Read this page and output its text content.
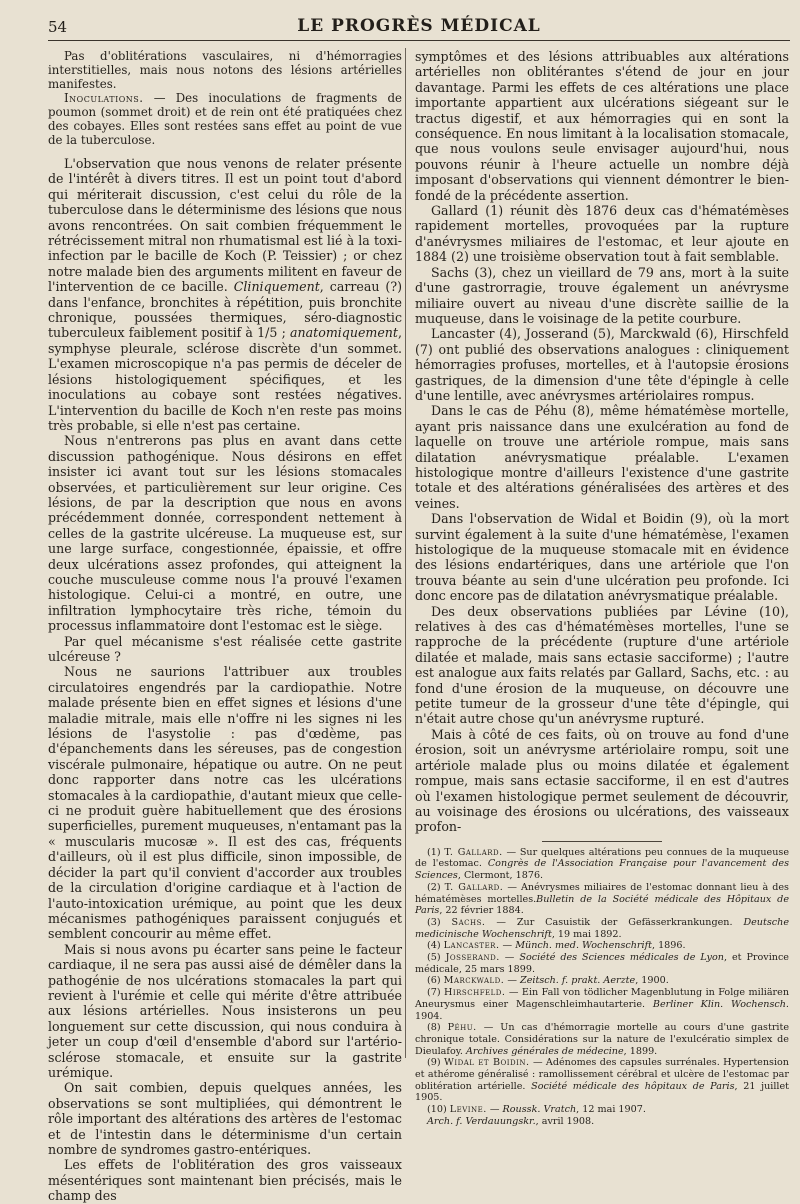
54	LE PROGRÈS MÉDICAL

Pas d'oblitérations vasculaires, ni d'hémorragies interstitielles, mais nous notons des lésions artérielles manifestes.

Inoculations. — Des inoculations de fragments de poumon (sommet droit) et de rein ont été pratiquées chez des cobayes. Elles sont restées sans effet au point de vue de la tuberculose.

L'observation que nous venons de relater présente de l'intérêt à divers titres. Il est un point tout d'abord qui mériterait discussion, c'est celui du rôle de la tuberculose dans le déterminisme des lésions que nous avons rencontrées. On sait combien fréquemment le rétrécissement mitral non rhumatismal est lié à la toxi-infection par le bacille de Koch (P. Teissier) ; or chez notre malade bien des arguments militent en faveur de l'intervention de ce bacille. Cliniquement, carreau (?) dans l'enfance, bronchites à répétition, puis bronchite chronique, poussées thermiques, séro-diagnostic tuberculeux faiblement positif à 1/5 ; anatomiquement, symphyse pleurale, sclérose discrète d'un sommet. L'examen microscopique n'a pas permis de déceler de lésions histologiquement spécifiques, et les inoculations au cobaye sont restées négatives. L'intervention du bacille de Koch n'en reste pas moins très probable, si elle n'est pas certaine.

Nous n'entrerons pas plus en avant dans cette discussion pathogénique. Nous désirons en effet insister ici avant tout sur les lésions stomacales observées, et particulièrement sur leur origine. Ces lésions, de par la description que nous en avons précédemment donnée, correspondent nettement à celles de la gastrite ulcéreuse. La muqueuse est, sur une large surface, congestionnée, épaissie, et offre deux ulcérations assez profondes, qui atteignent la couche musculeuse comme nous l'a prouvé l'examen histologique. Celui-ci a montré, en outre, une infiltration lymphocytaire très riche, témoin du processus inflammatoire dont l'estomac est le siège.

Par quel mécanisme s'est réalisée cette gastrite ulcéreuse ?

Nous ne saurions l'attribuer aux troubles circulatoires engendrés par la cardiopathie. Notre malade présente bien en effet signes et lésions d'une maladie mitrale, mais elle n'offre ni les signes ni les lésions de l'asystolie : pas d'œdème, pas d'épanchements dans les séreuses, pas de congestion viscérale pulmonaire, hépatique ou autre. On ne peut donc rapporter dans notre cas les ulcérations stomacales à la cardiopathie, d'autant mieux que celle-ci ne produit guère habituellement que des érosions superficielles, purement muqueuses, n'entamant pas la « muscularis mucosæ ». Il est des cas, fréquents d'ailleurs, où il est plus difficile, sinon impossible, de décider la part qu'il convient d'accorder aux troubles de la circulation d'origine cardiaque et à l'action de l'auto-intoxication urémique, au point que les deux mécanismes pathogéniques paraissent conjugués et semblent concourir au même effet.

Mais si nous avons pu écarter sans peine le facteur cardiaque, il ne sera pas aussi aisé de démêler dans la pathogénie de nos ulcérations stomacales la part qui revient à l'urémie et celle qui mérite d'être attribuée aux lésions artérielles. Nous insisterons un peu longuement sur cette discussion, qui nous conduira à jeter un coup d'œil d'ensemble d'abord sur l'artério-sclérose stomacale, et ensuite sur la gastrite urémique.

On sait combien, depuis quelques années, les observations se sont multipliées, qui démontrent le rôle important des altérations des artères de l'estomac et de l'intestin dans le déterminisme d'un certain nombre de syndromes gastro-entériques.

Les effets de l'oblitération des gros vaisseaux mésentériques sont maintenant bien précisés, mais le champ des

symptômes et des lésions attribuables aux altérations artérielles non oblitérantes s'étend de jour en jour davantage. Parmi les effets de ces altérations une place importante appartient aux ulcérations siégeant sur le tractus digestif, et aux hémorragies qui en sont la conséquence. En nous limitant à la localisation stomacale, que nous voulons seule envisager aujourd'hui, nous pouvons réunir à l'heure actuelle un nombre déjà imposant d'observations qui viennent démontrer le bien-fondé de la précédente assertion.

Gallard (1) réunit dès 1876 deux cas d'hématémèses rapidement mortelles, provoquées par la rupture d'anévrysmes miliaires de l'estomac, et leur ajoute en 1884 (2) une troisième observation tout à fait semblable.

Sachs (3), chez un vieillard de 79 ans, mort à la suite d'une gastrorragie, trouve également un anévrysme miliaire ouvert au niveau d'une discrète saillie de la muqueuse, dans le voisinage de la petite courbure.

Lancaster (4), Josserand (5), Marckwald (6), Hirschfeld (7) ont publié des observations analogues : cliniquement hémorragies profuses, mortelles, et à l'autopsie érosions gastriques, de la dimension d'une tête d'épingle à celle d'une lentille, avec anévrysmes artériolaires rompus.

Dans le cas de Péhu (8), même hématémèse mortelle, ayant pris naissance dans une exulcération au fond de laquelle on trouve une artériole rompue, mais sans dilatation anévrysmatique préalable. L'examen histologique montre d'ailleurs l'existence d'une gastrite totale et des altérations généralisées des artères et des veines.

Dans l'observation de Widal et Boidin (9), où la mort survint également à la suite d'une hématémèse, l'examen histologique de la muqueuse stomacale mit en évidence des lésions endartériques, dans une artériole que l'on trouva béante au sein d'une ulcération peu profonde. Ici donc encore pas de dilatation anévrysmatique préalable.

Des deux observations publiées par Lévine (10), relatives à des cas d'hématémèses mortelles, l'une se rapproche de la précédente (rupture d'une artériole dilatée et malade, mais sans ectasie sacciforme) ; l'autre est analogue aux faits relatés par Gallard, Sachs, etc. : au fond d'une érosion de la muqueuse, on découvre une petite tumeur de la grosseur d'une tête d'épingle, qui n'était autre chose qu'un anévrysme rupturé.

Mais à côté de ces faits, où on trouve au fond d'une érosion, soit un anévrysme artériolaire rompu, soit une artériole malade plus ou moins dilatée et également rompue, mais sans ectasie sacciforme, il en est d'autres où l'examen histologique permet seulement de découvrir, au voisinage des érosions ou ulcérations, des vaisseaux profon-

(1) T. Gallard. — Sur quelques altérations peu connues de la muqueuse de l'estomac. Congrès de l'Association Française pour l'avancement des Sciences, Clermont, 1876.

(2) T. Gallard. — Anévrysmes miliaires de l'estomac donnant lieu à des hématémèses mortelles.Bulletin de la Société médicale des Hôpitaux de Paris, 22 février 1884.

(3) Sachs. — Zur Casuistik der Gefässerkrankungen. Deutsche medicinische Wochenschrift, 19 mai 1892.

(4) Lancaster. — Münch. med. Wochenschrift, 1896.

(5) Josserand. — Société des Sciences médicales de Lyon, et Province médicale, 25 mars 1899.

(6) Marckwald. — Zeitsch. f. prakt. Aerzte, 1900.

(7) Hirschfeld. — Ein Fall von tödlicher Magenblutung in Folge miliären Aneurysmus einer Magenschleimhautarterie. Berliner Klin. Wochensch. 1904.

(8) Péhu. — Un cas d'hémorragie mortelle au cours d'une gastrite chronique totale. Considérations sur la nature de l'exulcératio simplex de Dieulafoy. Archives générales de médecine, 1899.

(9) Widal et Boidin. — Adénomes des capsules surrénales. Hypertension et athérome généralisé : ramollissement cérébral et ulcère de l'estomac par oblitération artérielle. Société médicale des hôpitaux de Paris, 21 juillet 1905.

(10) Levine. — Roussk. Vratch, 12 mai 1907.

Arch. f. Verdauungskr., avril 1908.
